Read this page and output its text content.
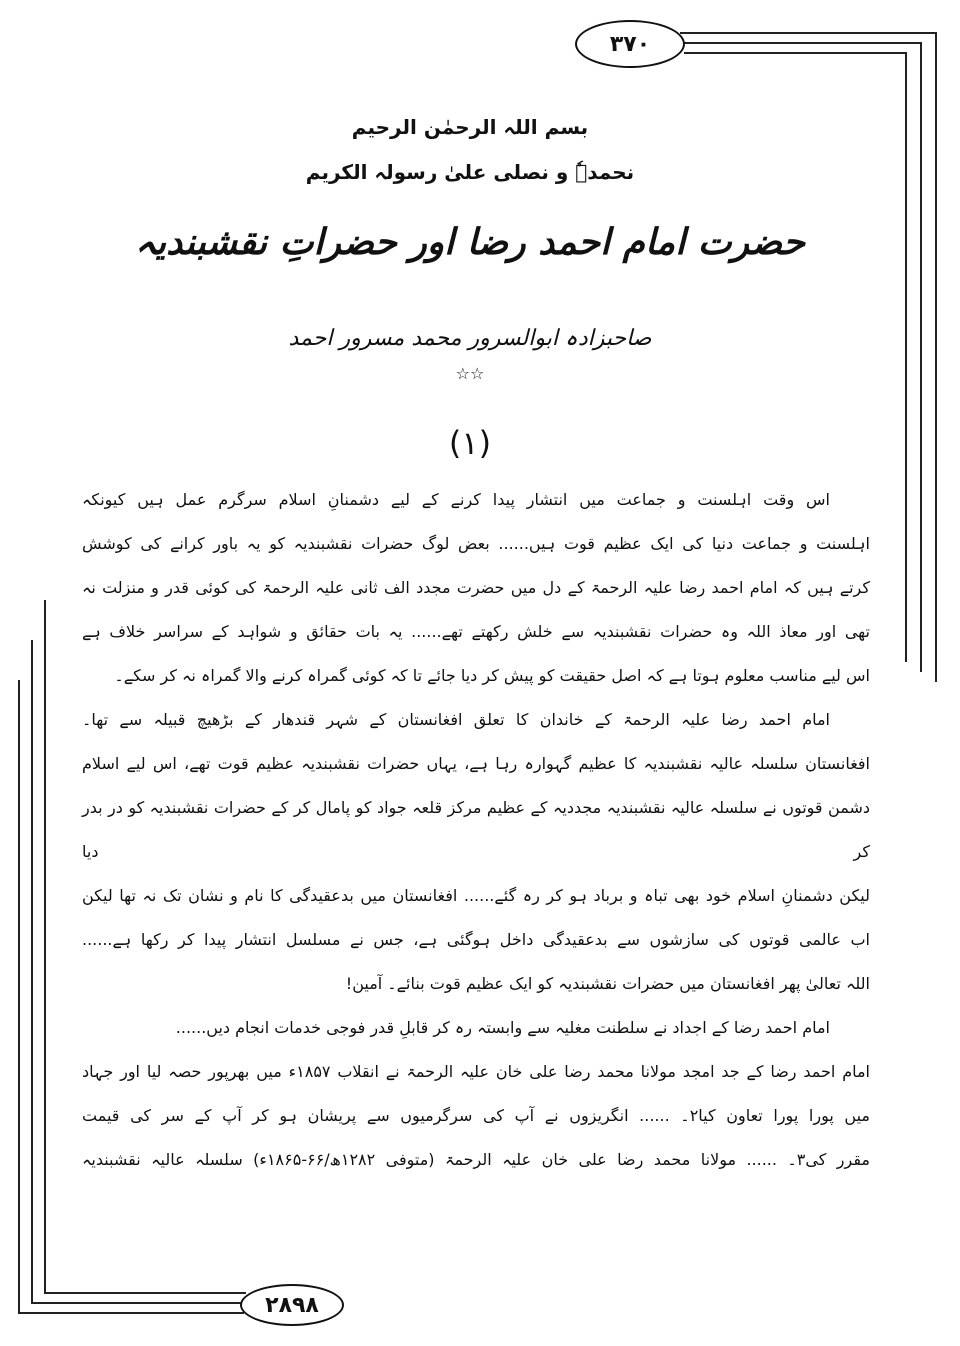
۳۷۰
۲۸۹۸
بسم اللہ الرحمٰن الرحیم
نحمدہٗ و نصلی علیٰ رسولہ الکریم
حضرت امام احمد رضا اور حضراتِ نقشبندیہ
صاحبزادہ ابوالسرور محمد مسرور احمد
☆☆
(۱)
اس وقت اہلسنت و جماعت میں انتشار پیدا کرنے کے لیے دشمنانِ اسلام سرگرم عمل ہیں کیونکہ
اہلسنت و جماعت دنیا کی ایک عظیم قوت ہیں...... بعض لوگ حضرات نقشبندیہ کو یہ باور کرانے کی کوشش
کرتے ہیں کہ امام احمد رضا علیہ الرحمۃ کے دل میں حضرت مجدد الف ثانی علیہ الرحمۃ کی کوئی قدر و منزلت نہ
تھی اور معاذ اللہ وہ حضرات نقشبندیہ سے خلش رکھتے تھے...... یہ بات حقائق و شواہد کے سراسر خلاف ہے
اس لیے مناسب معلوم ہوتا ہے کہ اصل حقیقت کو پیش کر دیا جائے تا کہ کوئی گمراہ کرنے والا گمراہ نہ کر سکے۔
امام احمد رضا علیہ الرحمۃ کے خاندان کا تعلق افغانستان کے شہر قندھار کے بڑھیچ قبیلہ سے تھا۔
افغانستان سلسلہ عالیہ نقشبندیہ کا عظیم گہوارہ رہا ہے، یہاں حضرات نقشبندیہ عظیم قوت تھے، اس لیے اسلام
دشمن قوتوں نے سلسلہ عالیہ نقشبندیہ مجددیہ کے عظیم مرکز قلعہ جواد کو پامال کر کے حضرات نقشبندیہ کو در بدر کر دیا
لیکن دشمنانِ اسلام خود بھی تباہ و برباد ہو کر رہ گئے...... افغانستان میں بدعقیدگی کا نام و نشان تک نہ تھا لیکن
اب عالمی قوتوں کی سازشوں سے بدعقیدگی داخل ہوگئی ہے، جس نے مسلسل انتشار پیدا کر رکھا ہے......
اللہ تعالیٰ پھر افغانستان میں حضرات نقشبندیہ کو ایک عظیم قوت بنائے۔ آمین!
امام احمد رضا کے اجداد نے سلطنت مغلیہ سے وابستہ رہ کر قابلِ قدر فوجی خدمات انجام دیں......
امام احمد رضا کے جد امجد مولانا محمد رضا علی خان علیہ الرحمۃ نے انقلاب ۱۸۵۷ء میں بھرپور حصہ لیا اور جہاد
میں پورا پورا تعاون کیا۲۔ ...... انگریزوں نے آپ کی سرگرمیوں سے پریشان ہو کر آپ کے سر کی قیمت
مقرر کی۳۔ ...... مولانا محمد رضا علی خان علیہ الرحمۃ (متوفی ۱۲۸۲ھ/۶۶-۱۸۶۵ء) سلسلہ عالیہ نقشبندیہ
